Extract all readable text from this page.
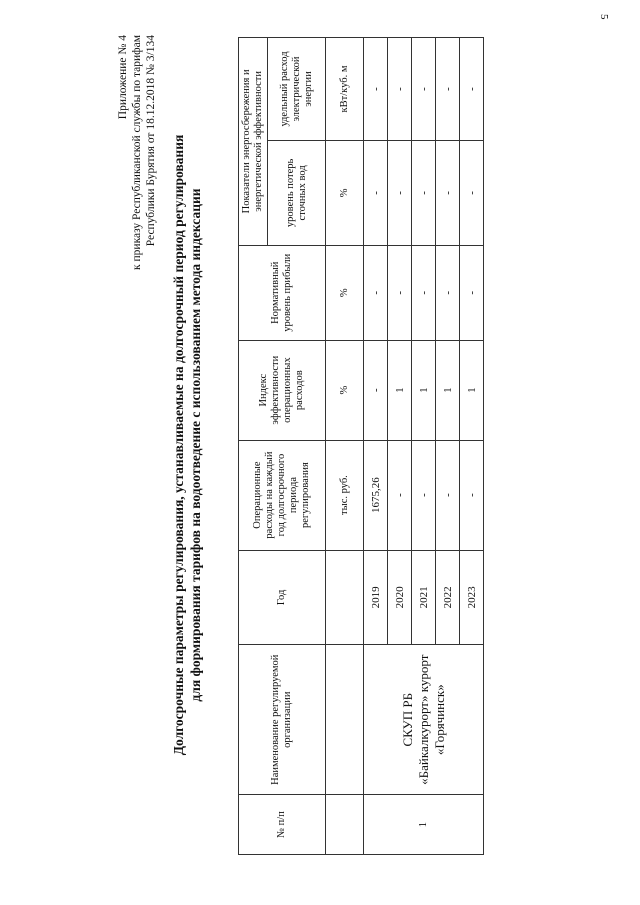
5
Приложение № 4 к приказу Республиканской службы по тарифам Республики Бурятия от 18.12.2018 № 3/134 Долгосрочные параметры регулирования, устанавливаемые на долгосрочный период регулирования для формирования тарифов на водоотведение с использованием метода индексации
№ п/п	Наименование регулируемой организации	Год	Операционные расходы на каждый год долгосрочного периода регулирования	Индекс эффективности операционных расходов	Нормативный уровень прибыли	Показатели энергосбережения и энергетической эффективности	
						уровень потерь сточных вод	удельный расход электрической энергии
			тыс. руб.	%	%	%	кВт/куб. м
1	СКУП РБ «Байкалкурорт» курорт «Горячинск»	2019	1675,26	-	-	-	-
		2020	-	1	-	-	-
		2021	-	1	-	-	-
		2022	-	1	-	-	-
		2023	-	1	-	-	-
